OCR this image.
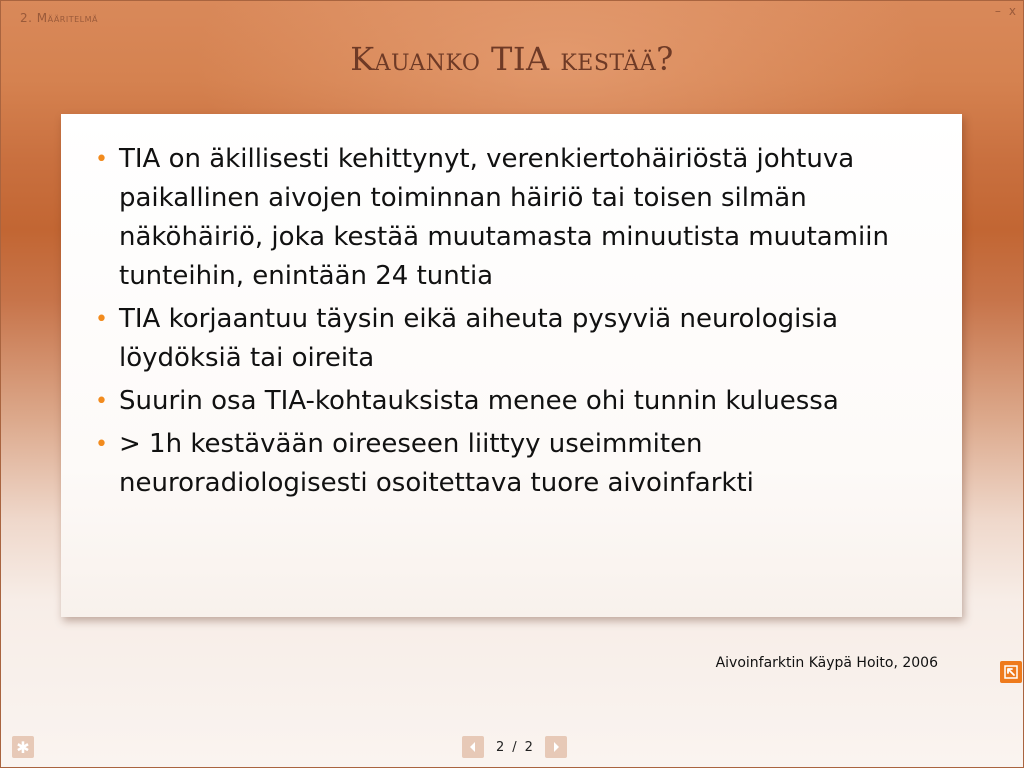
2. Määritelmä	– x
Kauanko TIA kestää?
• TIA on äkillisesti kehittynyt, verenkiertohäiriöstä johtuva paikallinen aivojen toiminnan häiriö tai toisen silmän näköhäiriö, joka kestää muutamasta minuutista muutamiin tunteihin, enintään 24 tuntia
• TIA korjaantuu täysin eikä aiheuta pysyviä neurologisia löydöksiä tai oireita
• Suurin osa TIA-kohtauksista menee ohi tunnin kuluessa
• > 1h kestävään oireeseen liittyy useimmiten neuroradiologisesti osoitettava tuore aivoinfarkti
Aivoinfarktin Käypä Hoito, 2006
✱	2 / 2
